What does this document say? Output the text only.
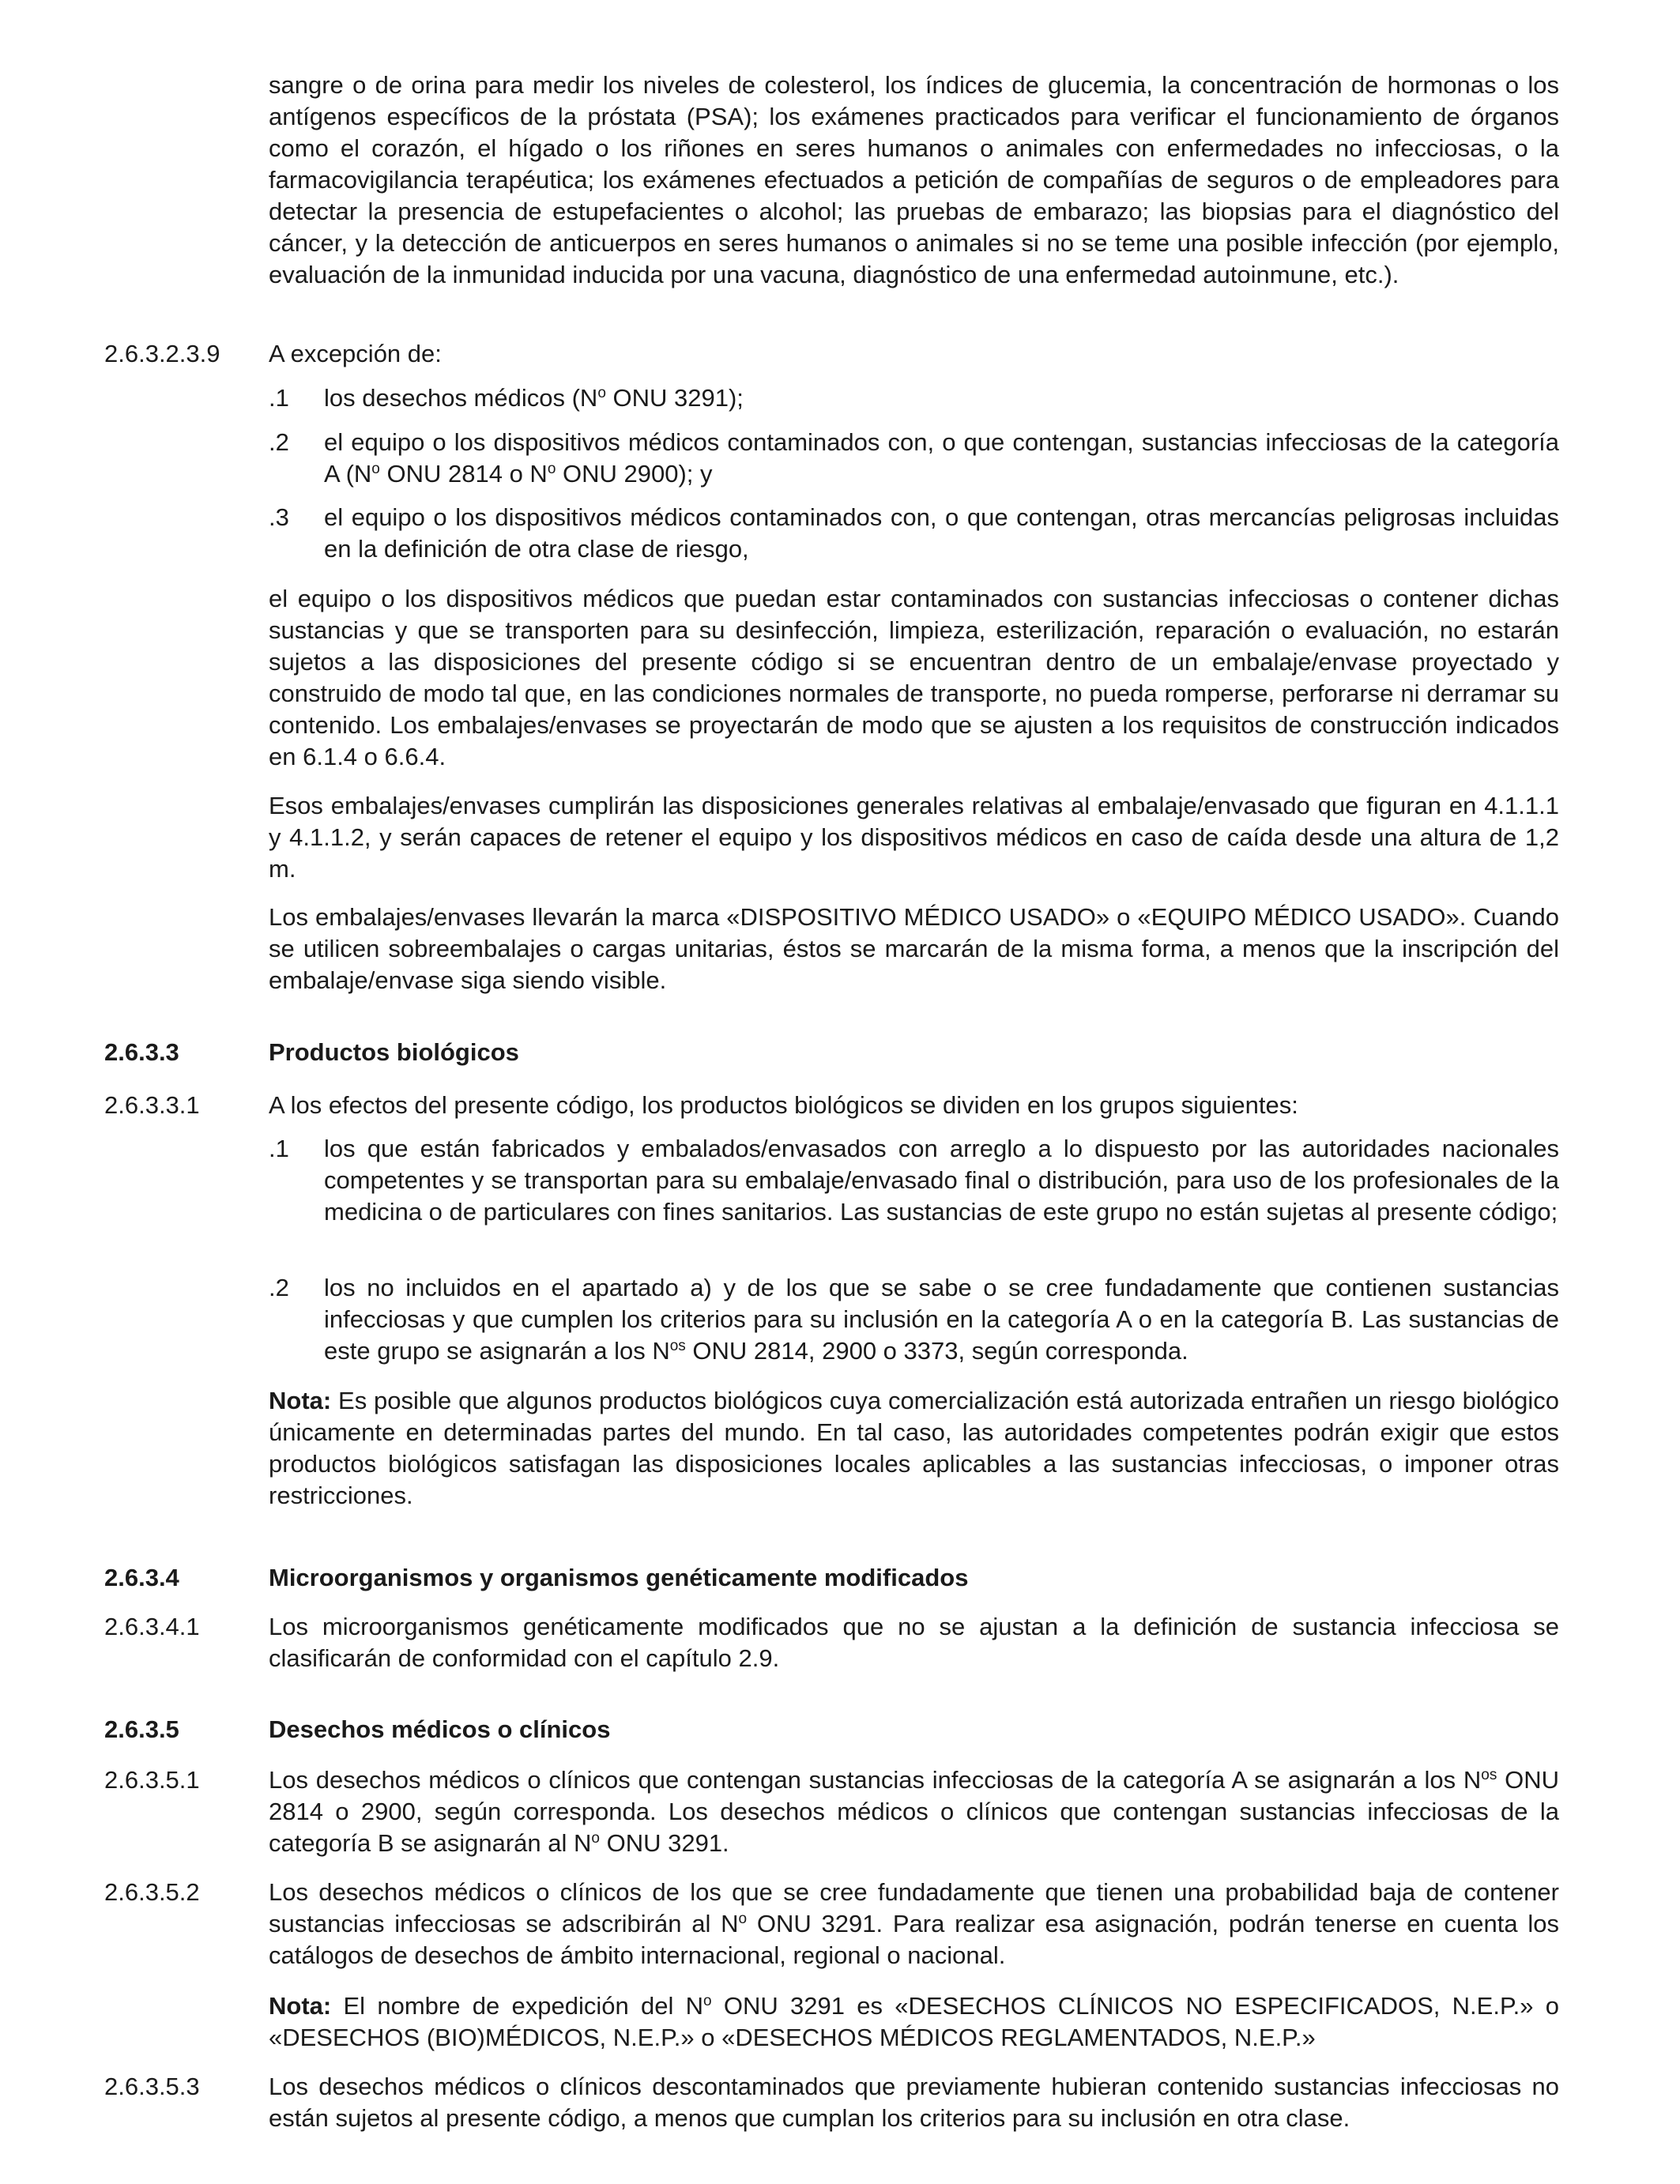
sangre o de orina para medir los niveles de colesterol, los índices de glucemia, la concentración de hormonas o los antígenos específicos de la próstata (PSA); los exámenes practicados para verificar el funcionamiento de órganos como el corazón, el hígado o los riñones en seres humanos o animales con enfermedades no infecciosas, o la farmacovigilancia terapéutica; los exámenes efectuados a petición de compañías de seguros o de empleadores para detectar la presencia de estupefacientes o alcohol; las pruebas de embarazo; las biopsias para el diagnóstico del cáncer, y la detección de anticuerpos en seres humanos o animales si no se teme una posible infección (por ejemplo, evaluación de la inmunidad inducida por una vacuna, diagnóstico de una enfermedad autoinmune, etc.).

2.6.3.2.3.9	A excepción de:
.1	los desechos médicos ($N^o$ ONU 3291);
.2	el equipo o los dispositivos médicos contaminados con, o que contengan, sustancias infecciosas de la categoría A ($N^o$ ONU 2814 o $N^o$ ONU 2900); y
.3	el equipo o los dispositivos médicos contaminados con, o que contengan, otras mercancías peligrosas incluidas en la definición de otra clase de riesgo,

el equipo o los dispositivos médicos que puedan estar contaminados con sustancias infecciosas o contener dichas sustancias y que se transporten para su desinfección, limpieza, esterilización, reparación o evaluación, no estarán sujetos a las disposiciones del presente código si se encuentran dentro de un embalaje/envase proyectado y construido de modo tal que, en las condiciones normales de transporte, no pueda romperse, perforarse ni derramar su contenido. Los embalajes/envases se proyectarán de modo que se ajusten a los requisitos de construcción indicados en 6.1.4 o 6.6.4.

Esos embalajes/envases cumplirán las disposiciones generales relativas al embalaje/envasado que figuran en 4.1.1.1 y 4.1.1.2, y serán capaces de retener el equipo y los dispositivos médicos en caso de caída desde una altura de 1,2 m.

Los embalajes/envases llevarán la marca «DISPOSITIVO MÉDICO USADO» o «EQUIPO MÉDICO USADO». Cuando se utilicen sobreembalajes o cargas unitarias, éstos se marcarán de la misma forma, a menos que la inscripción del embalaje/envase siga siendo visible.

2.6.3.3	Productos biológicos
2.6.3.3.1	A los efectos del presente código, los productos biológicos se dividen en los grupos siguientes:
.1	los que están fabricados y embalados/envasados con arreglo a lo dispuesto por las autoridades nacionales competentes y se transportan para su embalaje/envasado final o distribución, para uso de los profesionales de la medicina o de particulares con fines sanitarios. Las sustancias de este grupo no están sujetas al presente código;
.2	los no incluidos en el apartado a) y de los que se sabe o se cree fundadamente que contienen sustancias infecciosas y que cumplen los criterios para su inclusión en la categoría A o en la categoría B. Las sustancias de este grupo se asignarán a los $N^{os}$ ONU 2814, 2900 o 3373, según corresponda.

Nota: Es posible que algunos productos biológicos cuya comercialización está autorizada entrañen un riesgo biológico únicamente en determinadas partes del mundo. En tal caso, las autoridades competentes podrán exigir que estos productos biológicos satisfagan las disposiciones locales aplicables a las sustancias infecciosas, o imponer otras restricciones.

2.6.3.4	Microorganismos y organismos genéticamente modificados
2.6.3.4.1	Los microorganismos genéticamente modificados que no se ajustan a la definición de sustancia infecciosa se clasificarán de conformidad con el capítulo 2.9.
2.6.3.5	Desechos médicos o clínicos
2.6.3.5.1	Los desechos médicos o clínicos que contengan sustancias infecciosas de la categoría A se asignarán a los $N^{os}$ ONU 2814 o 2900, según corresponda. Los desechos médicos o clínicos que contengan sustancias infecciosas de la categoría B se asignarán al $N^o$ ONU 3291.
2.6.3.5.2	Los desechos médicos o clínicos de los que se cree fundadamente que tienen una probabilidad baja de contener sustancias infecciosas se adscribirán al $N^o$ ONU 3291. Para realizar esa asignación, podrán tenerse en cuenta los catálogos de desechos de ámbito internacional, regional o nacional.

Nota: El nombre de expedición del $N^o$ ONU 3291 es «DESECHOS CLÍNICOS NO ESPECIFICADOS, N.E.P.» o «DESECHOS (BIO)MÉDICOS, N.E.P.» o «DESECHOS MÉDICOS REGLAMENTADOS, N.E.P.»

2.6.3.5.3	Los desechos médicos o clínicos descontaminados que previamente hubieran contenido sustancias infecciosas no están sujetos al presente código, a menos que cumplan los criterios para su inclusión en otra clase.
